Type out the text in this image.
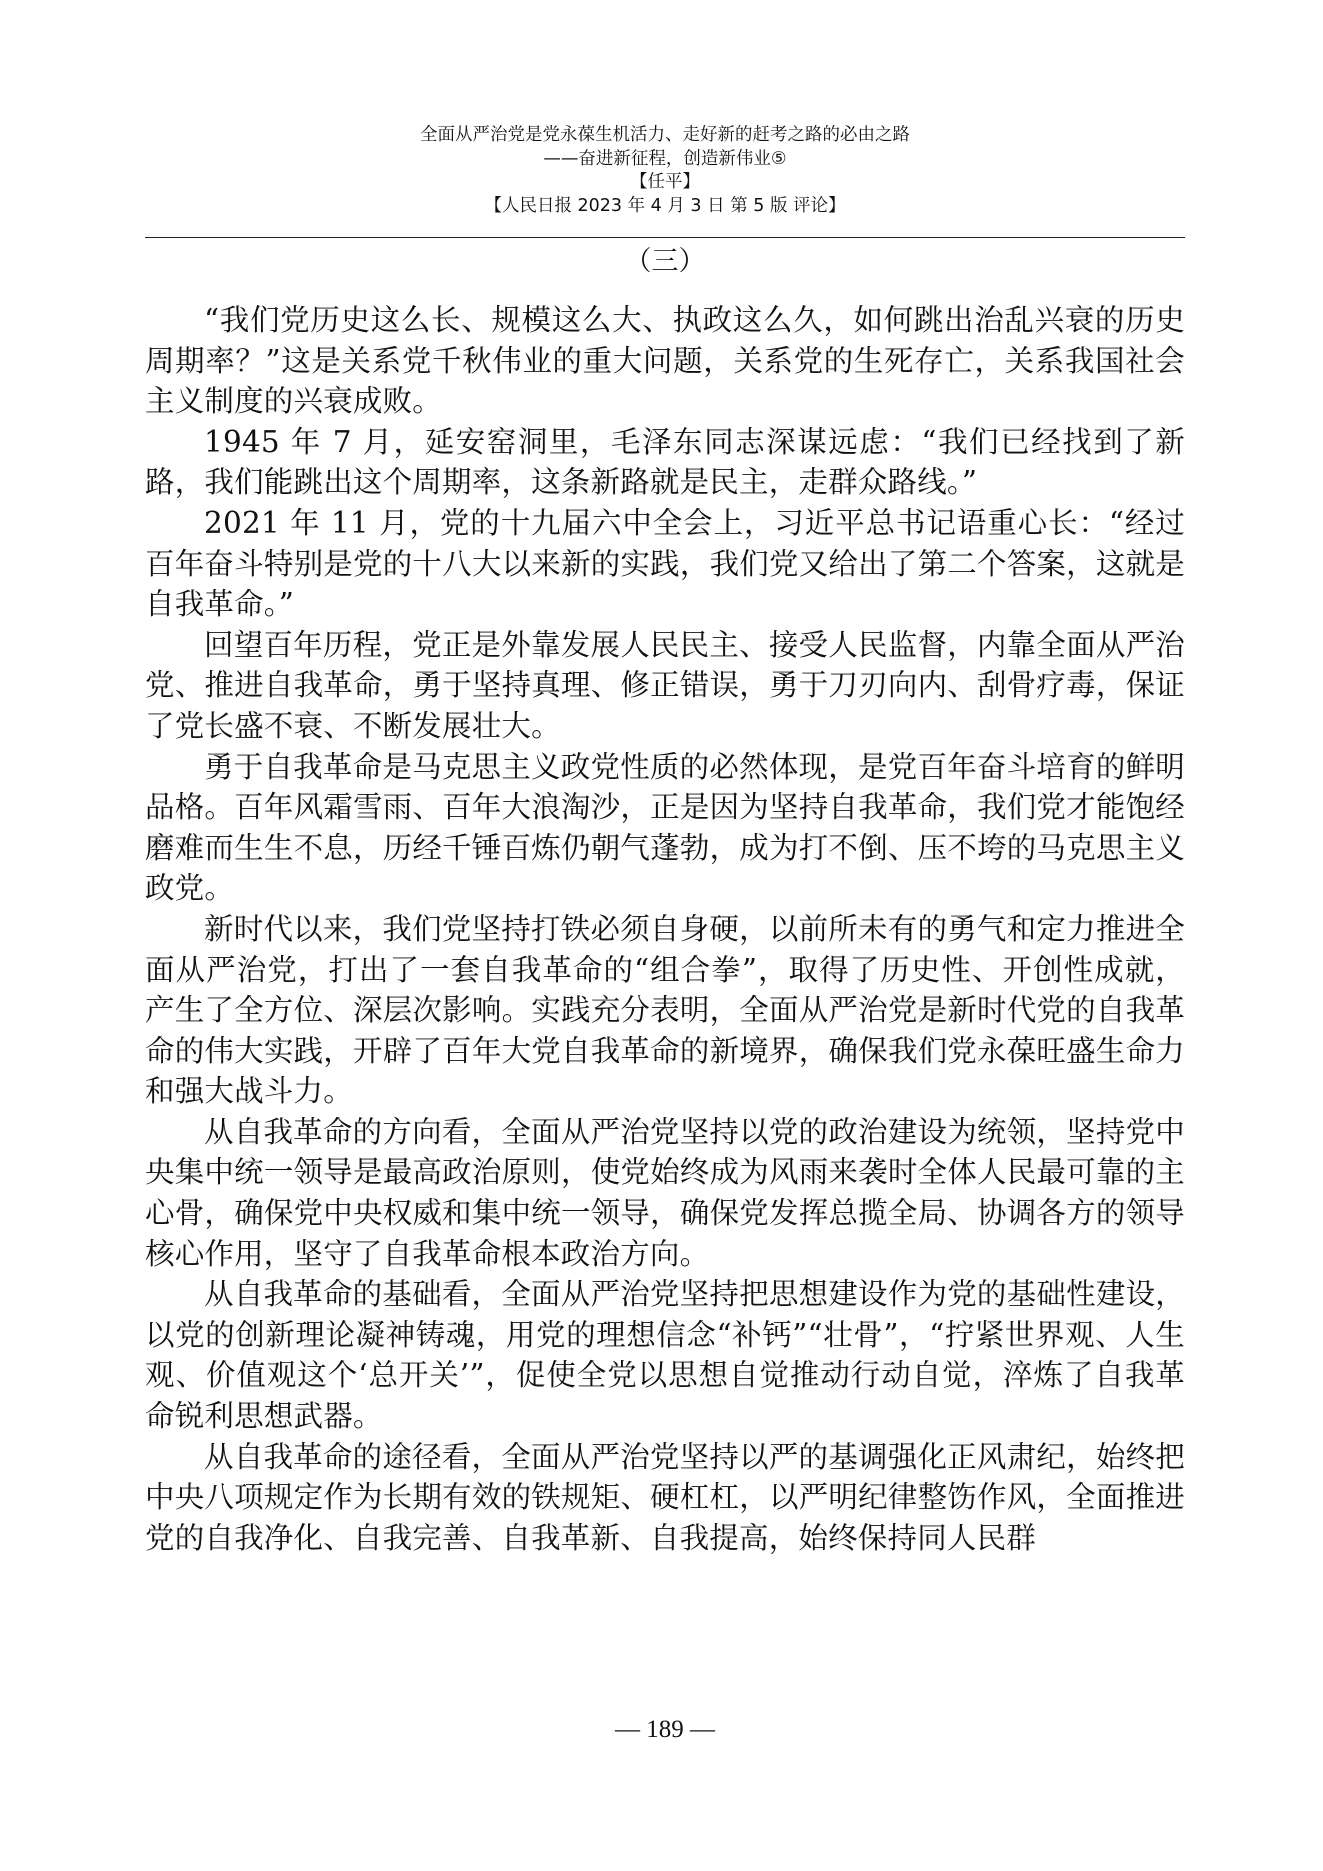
全面从严治党是党永葆生机活力、走好新的赶考之路的必由之路
——奋进新征程，创造新伟业⑤
【任平】
【人民日报 2023 年 4 月 3 日 第 5 版 评论】
（三）

“我们党历史这么长、规模这么大、执政这么久，如何跳出治乱兴衰的历史周期率？”这是关系党千秋伟业的重大问题，关系党的生死存亡，关系我国社会主义制度的兴衰成败。

1945 年 7 月，延安窑洞里，毛泽东同志深谋远虑：“我们已经找到了新路，我们能跳出这个周期率，这条新路就是民主，走群众路线。”

2021 年 11 月，党的十九届六中全会上，习近平总书记语重心长：“经过百年奋斗特别是党的十八大以来新的实践，我们党又给出了第二个答案，这就是自我革命。”

回望百年历程，党正是外靠发展人民民主、接受人民监督，内靠全面从严治党、推进自我革命，勇于坚持真理、修正错误，勇于刀刃向内、刮骨疗毒，保证了党长盛不衰、不断发展壮大。

勇于自我革命是马克思主义政党性质的必然体现，是党百年奋斗培育的鲜明品格。百年风霜雪雨、百年大浪淘沙，正是因为坚持自我革命，我们党才能饱经磨难而生生不息，历经千锤百炼仍朝气蓬勃，成为打不倒、压不垮的马克思主义政党。

新时代以来，我们党坚持打铁必须自身硬，以前所未有的勇气和定力推进全面从严治党，打出了一套自我革命的“组合拳”，取得了历史性、开创性成就，产生了全方位、深层次影响。实践充分表明，全面从严治党是新时代党的自我革命的伟大实践，开辟了百年大党自我革命的新境界，确保我们党永葆旺盛生命力和强大战斗力。

从自我革命的方向看，全面从严治党坚持以党的政治建设为统领，坚持党中央集中统一领导是最高政治原则，使党始终成为风雨来袭时全体人民最可靠的主心骨，确保党中央权威和集中统一领导，确保党发挥总揽全局、协调各方的领导核心作用，坚守了自我革命根本政治方向。

从自我革命的基础看，全面从严治党坚持把思想建设作为党的基础性建设，以党的创新理论凝神铸魂，用党的理想信念“补钙”“壮骨”，“拧紧世界观、人生观、价值观这个‘总开关’”，促使全党以思想自觉推动行动自觉，淬炼了自我革命锐利思想武器。

从自我革命的途径看，全面从严治党坚持以严的基调强化正风肃纪，始终把中央八项规定作为长期有效的铁规矩、硬杠杠，以严明纪律整饬作风，全面推进党的自我净化、自我完善、自我革新、自我提高，始终保持同人民群

— 189 —
